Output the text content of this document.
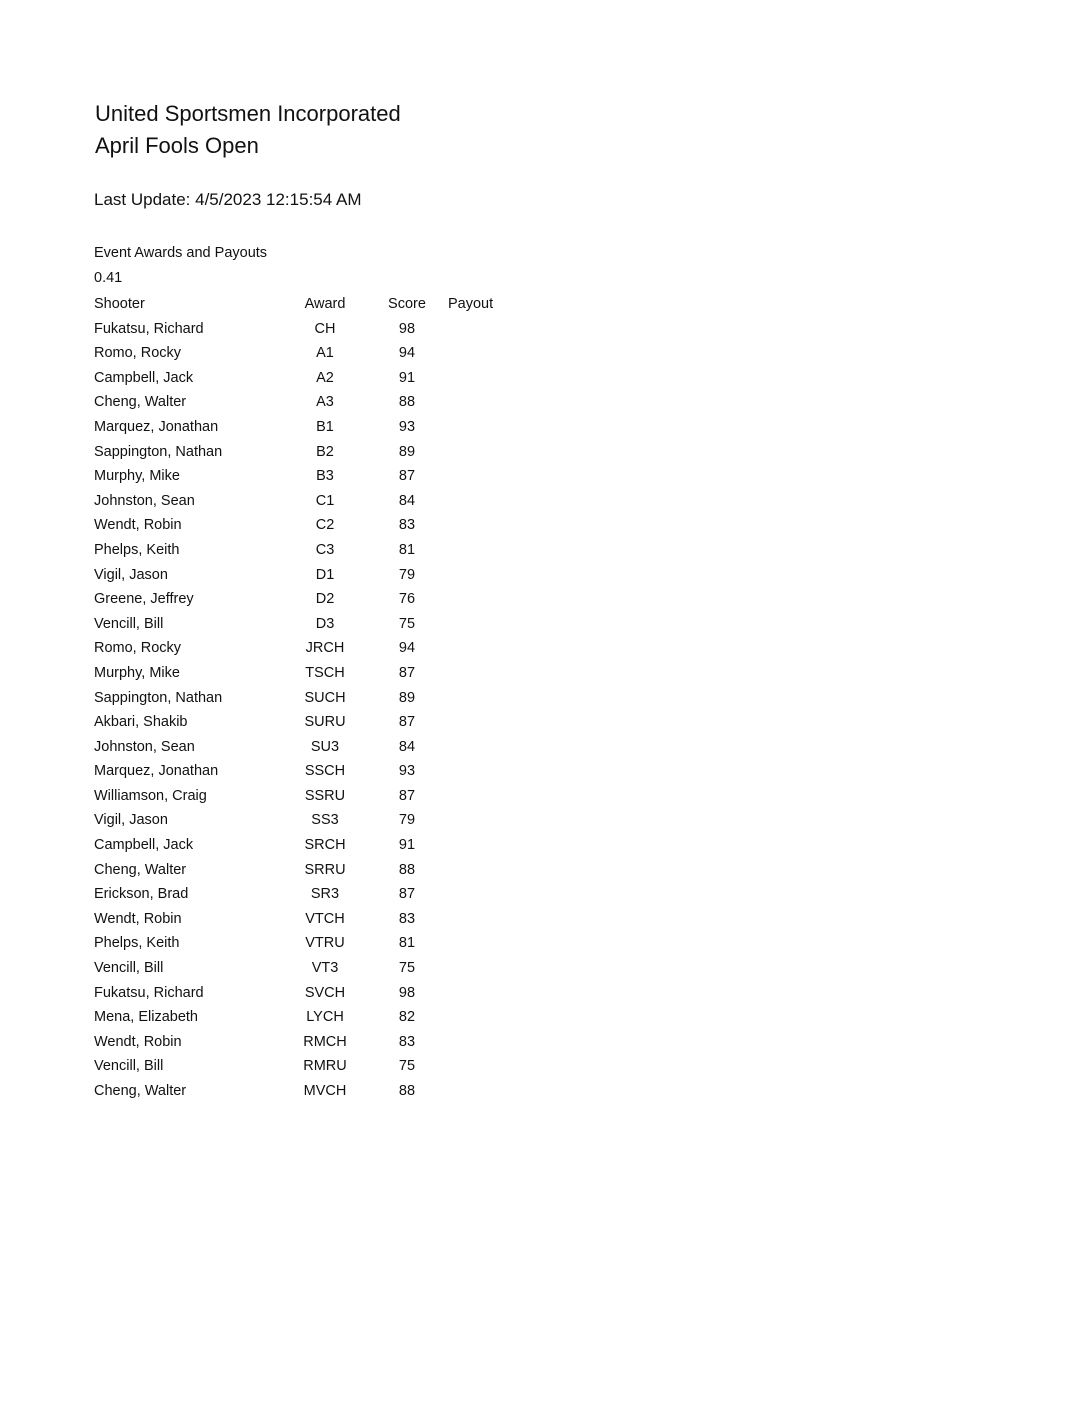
United Sportsmen Incorporated
April Fools Open
Last Update: 4/5/2023 12:15:54 AM
Event Awards and Payouts
0.41
Shooter	Award	Score	Payout
Fukatsu, Richard	CH	98	
Romo, Rocky	A1	94	
Campbell, Jack	A2	91	
Cheng, Walter	A3	88	
Marquez, Jonathan	B1	93	
Sappington, Nathan	B2	89	
Murphy, Mike	B3	87	
Johnston, Sean	C1	84	
Wendt, Robin	C2	83	
Phelps, Keith	C3	81	
Vigil, Jason	D1	79	
Greene, Jeffrey	D2	76	
Vencill, Bill	D3	75	
Romo, Rocky	JRCH	94	
Murphy, Mike	TSCH	87	
Sappington, Nathan	SUCH	89	
Akbari, Shakib	SURU	87	
Johnston, Sean	SU3	84	
Marquez, Jonathan	SSCH	93	
Williamson, Craig	SSRU	87	
Vigil, Jason	SS3	79	
Campbell, Jack	SRCH	91	
Cheng, Walter	SRRU	88	
Erickson, Brad	SR3	87	
Wendt, Robin	VTCH	83	
Phelps, Keith	VTRU	81	
Vencill, Bill	VT3	75	
Fukatsu, Richard	SVCH	98	
Mena, Elizabeth	LYCH	82	
Wendt, Robin	RMCH	83	
Vencill, Bill	RMRU	75	
Cheng, Walter	MVCH	88	
